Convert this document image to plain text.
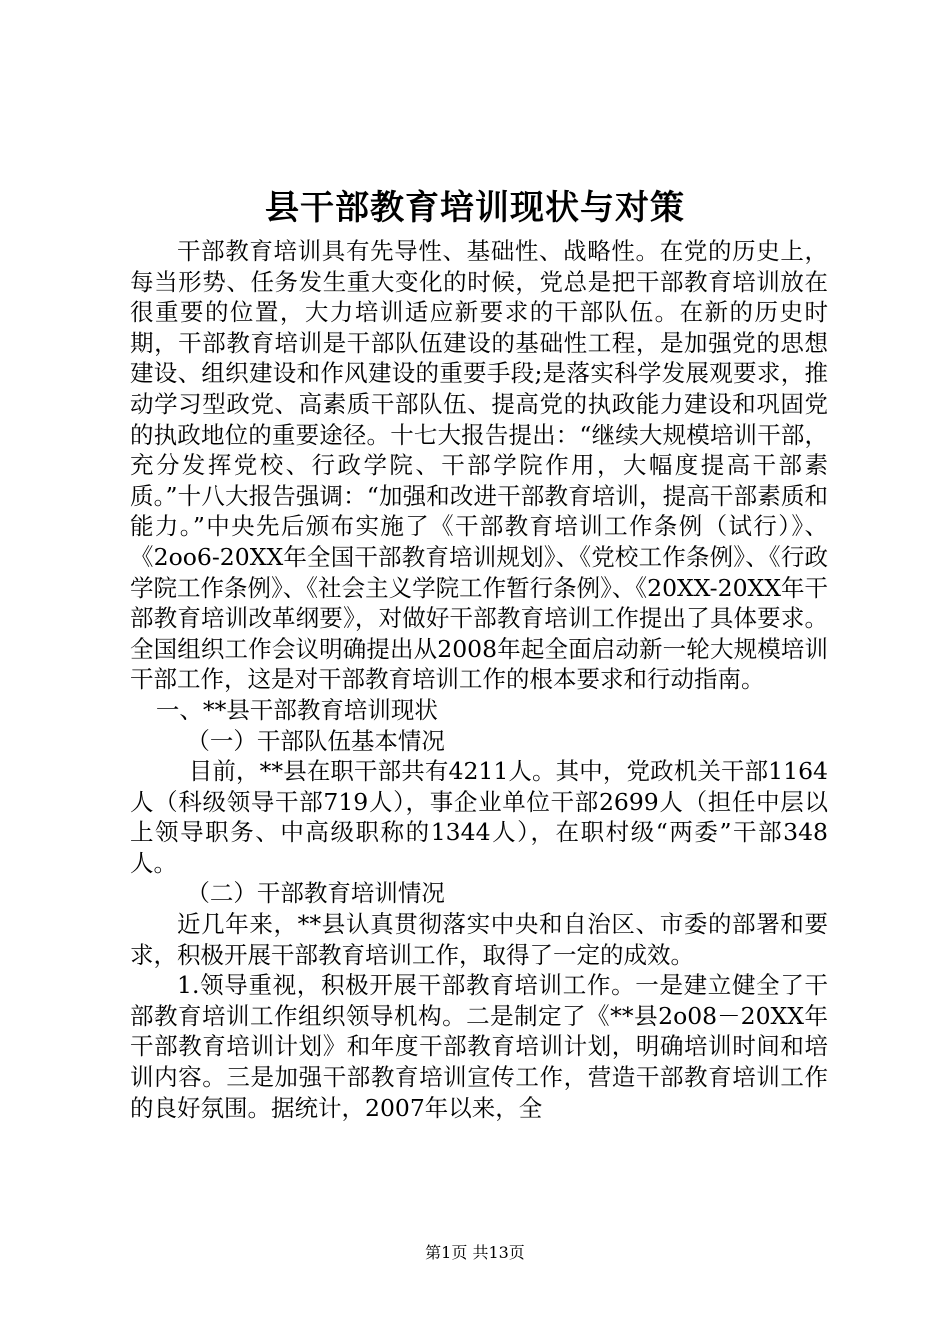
县干部教育培训现状与对策

干部教育培训具有先导性、基础性、战略性。在党的历史上，每当形势、任务发生重大变化的时候，党总是把干部教育培训放在很重要的位置，大力培训适应新要求的干部队伍。在新的历史时期，干部教育培训是干部队伍建设的基础性工程，是加强党的思想建设、组织建设和作风建设的重要手段;是落实科学发展观要求，推动学习型政党、高素质干部队伍、提高党的执政能力建设和巩固党的执政地位的重要途径。十七大报告提出：“继续大规模培训干部，充分发挥党校、行政学院、干部学院作用，大幅度提高干部素质。”十八大报告强调：“加强和改进干部教育培训，提高干部素质和能力。”中央先后颁布实施了《干部教育培训工作条例（试行）》、《2oo6-20XX年全国干部教育培训规划》、《党校工作条例》、《行政学院工作条例》、《社会主义学院工作暂行条例》、《20XX-20XX年干部教育培训改革纲要》，对做好干部教育培训工作提出了具体要求。全国组织工作会议明确提出从2008年起全面启动新一轮大规模培训干部工作，这是对干部教育培训工作的根本要求和行动指南。

一、**县干部教育培训现状

（一）干部队伍基本情况

目前，**县在职干部共有4211人。其中，党政机关干部1164人（科级领导干部719人），事企业单位干部2699人（担任中层以上领导职务、中高级职称的1344人），在职村级“两委”干部348人。

（二）干部教育培训情况

近几年来，**县认真贯彻落实中央和自治区、市委的部署和要求，积极开展干部教育培训工作，取得了一定的成效。

1.领导重视，积极开展干部教育培训工作。一是建立健全了干部教育培训工作组织领导机构。二是制定了《**县2o08－20XX年干部教育培训计划》和年度干部教育培训计划，明确培训时间和培训内容。三是加强干部教育培训宣传工作，营造干部教育培训工作的良好氛围。据统计，2007年以来，全

第1页 共13页
